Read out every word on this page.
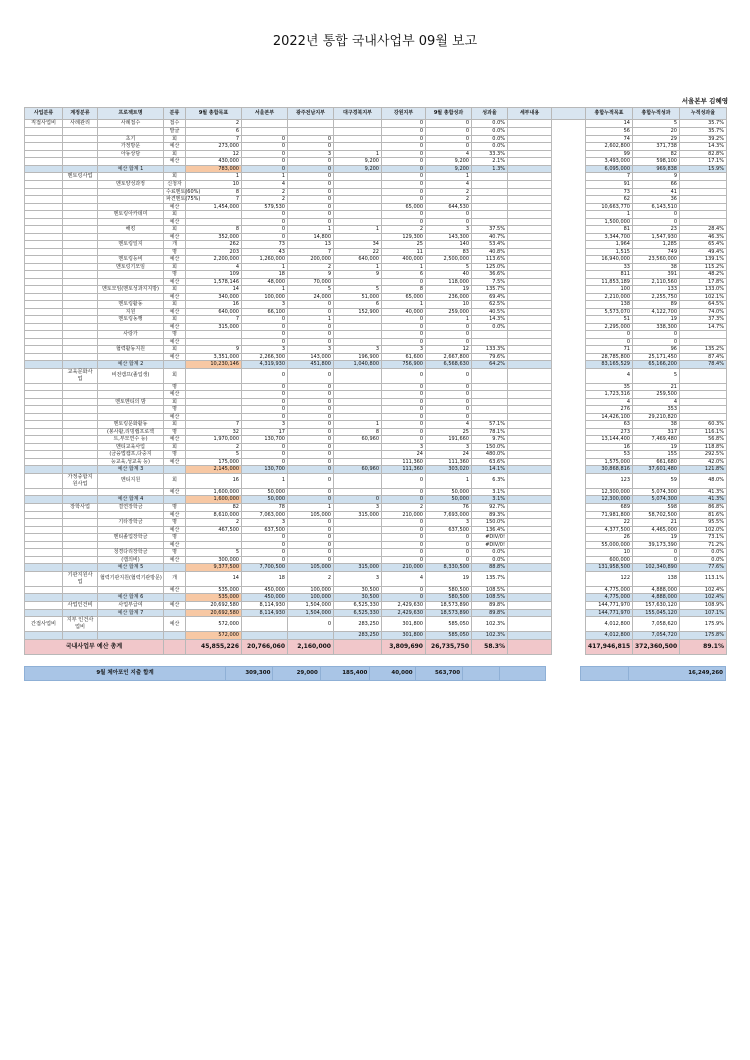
2022년 통합 국내사업부 09월 보고
서울본부 김혜영
사업분류	계정분류	프로젝트명	분류	9월 총합목표	서울본부	광주전남지부	대구경북지부	강원지부	9월 총합성과	성과율	세부내용		총합누적목표	총합누적성과	누적성과율
직접사업비	사례관리	사례접수	접수	2				0	0	0.0%			14	5	35.7%
			발굴	6				0	0	0.0%			56	20	35.7%
		초기	회	7	0	0		0	0	0.0%			74	29	39.2%
		가정방문	예산	273,000	0	0		0	0	0.0%			2,602,800	371,738	14.3%
		아동상담	회	12	0	3	1	0	4	33.3%			99	82	82.8%
			예산	430,000	0	0	9,200	0	9,200	2.1%			3,493,000	598,100	17.1%
		예산 합계 1		783,000	0	0	9,200	0	9,200	1.3%			6,095,000	969,838	15.9%
	멘토링사업		회	1	1	0		0	1				7	9	
		멘토양성과정	신청자	10	4	0		0	4				91	66	
			수료멘토(60%)	8	2	0		0	2				73	41	
			파견멘토(75%)	7	2	0		0	2				62	36	
			예산	1,454,000	579,530	0		65,000	644,530				10,663,770	6,143,510	
		멘토링아카데미	회		0	0		0	0				1	0	
			예산		0	0		0	0				1,500,000	0	
		해킹	회	8	0	1	1	2	3	37.5%			81	23	28.4%
			예산	352,000	0	14,800		129,300	143,300	40.7%			3,344,700	1,547,930	46.3%
		멘토링일지	개	262	73	13	34	25	140	53.4%			1,964	1,285	65.4%
			명	203	43	7	22	11	83	40.8%			1,515	749	49.4%
		멘토링등비	예산	2,200,000	1,260,000	200,000	640,000	400,000	2,500,000	113.6%			16,940,000	23,560,000	139.1%
		멘토링기모임	회	4	1	2	1	1	5	125.0%			33	38	115.2%
			명	109	18	9	9	6	40	36.6%			811	391	48.2%
			예산	1,578,146	48,000	70,000		0	118,000	7.5%			11,853,189	2,110,560	17.8%
		멘토모임(멘토성과지지방)	회	14	1	5	5	8	19	135.7%			100	133	133.0%
			예산	340,000	100,000	24,000	51,000	65,000	236,000	69.4%			2,210,000	2,255,750	102.1%
		멘토링활동	회	16	3	0	6	1	10	62.5%			138	89	64.5%
		지원	예산	640,000	66,100	0	152,900	40,000	259,000	40.5%			5,573,070	4,122,700	74.0%
		멘토링동행	회	7	0	1		0	1	14.3%			51	19	37.3%
			예산	315,000	0	0		0	0	0.0%			2,295,000	338,300	14.7%
		사랑가	명		0	0		0	0				0	0	
			예산		0	0		0	0				0	0	
		협력활동지원	회	9	3	3	3	3	12	133.3%			71	96	135.2%
			예산	3,351,000	2,266,300	143,000	196,900	61,600	2,667,800	79.6%			28,785,800	25,171,450	87.4%
		예산 합계 2		10,230,146	4,319,930	451,800	1,040,800	756,900	6,568,630	64.2%			83,165,529	65,166,200	78.4%
	교육문화사업	비전캠프(졸업생)	회		0	0		0	0				4	5	
			명		0	0		0	0				35	21	
			예산		0	0		0	0				1,723,316	259,500	
		멘토멘티의 밤	회		0	0		0	0				4	4	
			명		0	0		0	0				276	353	
			예산		0	0		0	0				14,426,100	29,210,820	
		멘토링문화활동	회	7	3	0	1	0	4	57.1%			63	38	60.3%
		(봉사활,리빙랩프로젝	명	32	17	0	8	0	25	78.1%			273	317	116.1%
		트,부모연수 등)	예산	1,970,000	130,700	0	60,960	0	191,660	9.7%			13,144,400	7,469,480	56.8%
		멘티교육사업	회	2	0	0		3	3	150.0%			16	19	118.8%
		(금융법캠프,다중지	명	5	0	0		24	24	480.0%			53	155	292.5%
		능교육,성교육 등)	예산	175,000	0	0		111,360	111,360	63.6%			1,575,000	661,680	42.0%
		예산 합계 3		2,145,000	130,700	0	60,960	111,360	303,020	14.1%			30,868,816	37,601,480	121.8%
	가정중합지원사업	멘티지원	회	16	1	0		0	1	6.3%			123	59	48.0%
			예산	1,600,000	50,000	0		0	50,000	3.1%			12,300,000	5,074,300	41.3%
		예산 합계 4		1,600,000	50,000	0	0	0	50,000	3.1%			12,300,000	5,074,300	41.3%
	장학사업	결연장학금	명	82	78	1	3	2	76	92.7%			689	598	86.8%
			예산	8,610,000	7,063,000	105,000	315,000	210,000	7,693,000	89.3%			71,981,800	58,702,500	81.6%
		기타장학금	명	2	3	0		0	3	150.0%			22	21	95.5%
			예산	467,500	637,500	0		0	637,500	136.4%			4,377,500	4,465,000	102.0%
		멘티졸업장학금	명		0	0		0	0	#DIV/0!			26	19	73.1%
			예산		0	0		0	0	#DIV/0!			55,000,000	39,173,390	71.2%
		청경다리장학금	명	5	0	0		0	0	0.0%			10	0	0.0%
		(캡의비)	예산	300,000	0	0		0	0	0.0%			600,000	0	0.0%
		예산 합계 5		9,377,500	7,700,500	105,000	315,000	210,000	8,330,500	88.8%			131,958,500	102,340,890	77.6%
	기관지원사업	협력기관지원(협력기관방문)	개	14	18	2	3	4	19	135.7%			122	138	113.1%
			예산	535,000	450,000	100,000	30,500	0	580,500	108.5%			4,775,000	4,888,000	102.4%
		예산 합계 6		535,000	450,000	100,000	30,500	0	580,500	108.5%			4,775,000	4,888,000	102.4%
	사업인건비	사업부급여	예산	20,692,580	8,114,930	1,504,000	6,525,330	2,429,630	18,573,890	89.8%			144,771,970	157,630,120	108.9%
		예산 합계 7		20,692,580	8,114,930	1,504,000	6,525,330	2,429,630	18,573,890	89.8%			144,771,970	155,045,120	107.1%
간접사업비	지부 인건사업비		예산	572,000		0	283,250	301,800	585,050	102.3%			4,012,800	7,058,620	175.9%
				572,000			283,250	301,800	585,050	102.3%			4,012,800	7,054,720	175.8%
국내사업부 예산 총계				45,855,226	20,766,060	2,160,000		3,809,690	26,735,750	58.3%			417,946,815	372,360,500	89.1%
9월 체아포인 지출 합계		309,300	29,000	185,400	40,000	563,700					16,249,260
